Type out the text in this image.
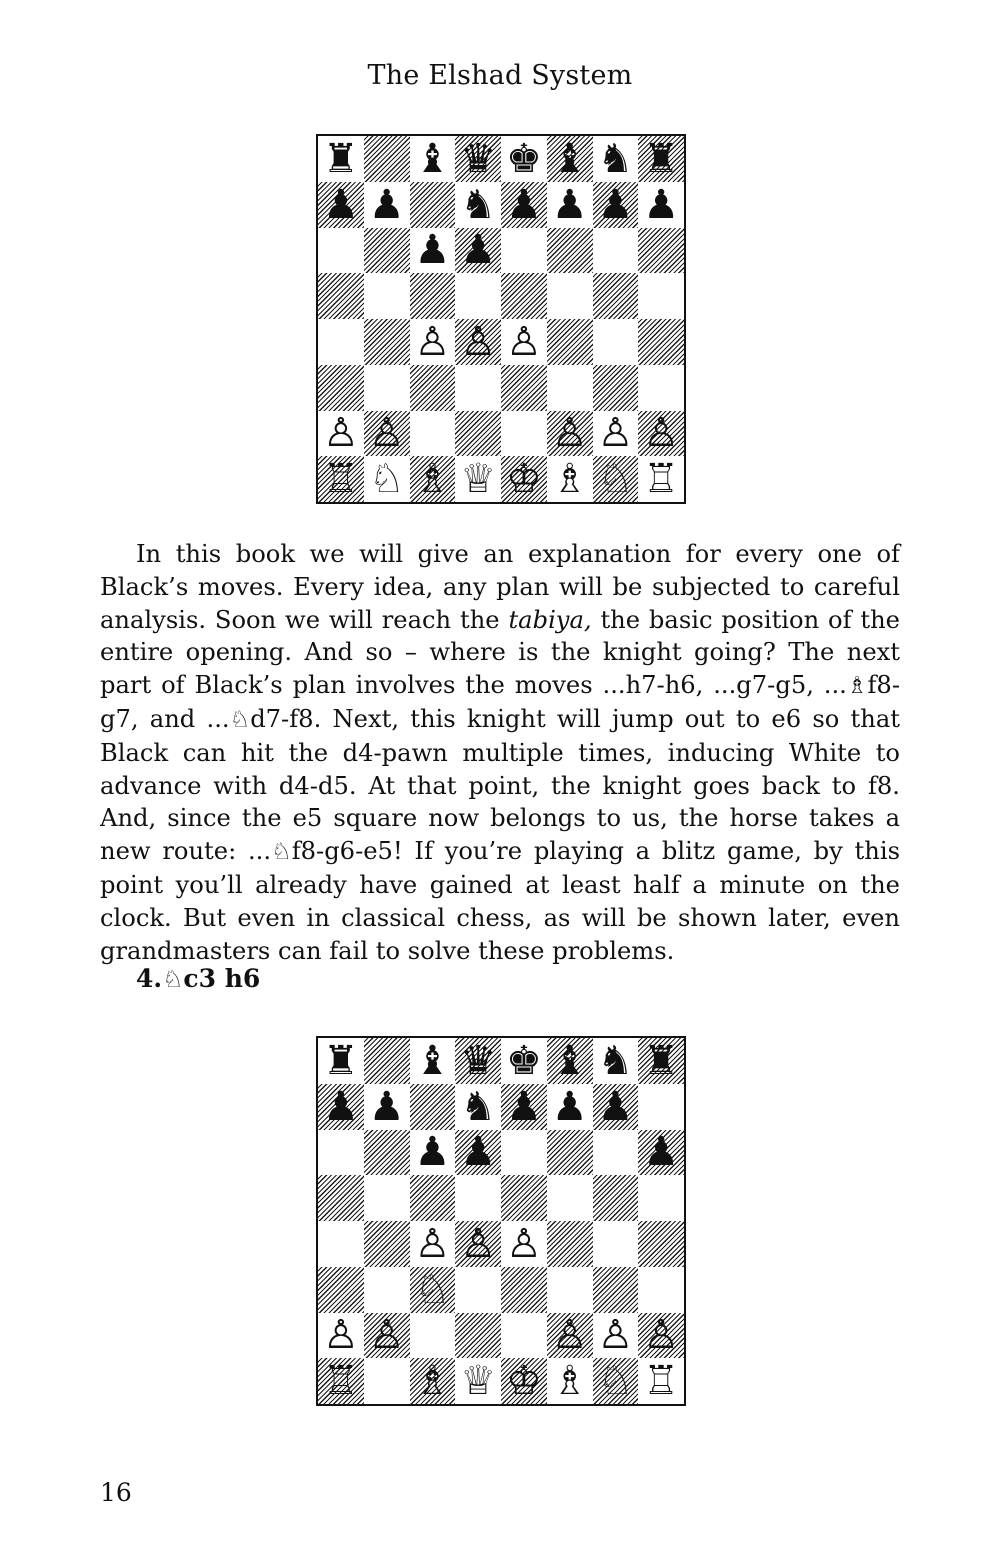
The Elshad System
♜ ♝ ♛ ♚ ♝ ♞ ♜
♟ ♟ ♞ ♟ ♟ ♟ ♟
♟ ♟
♙ ♙ ♙
♙ ♙	♙ ♙ ♙
♖ ♘ ♗ ♕ ♔ ♗ ♘ ♖

In this book we will give an explanation for every one of Black’s moves. Every idea, any plan will be subjected to careful analysis. Soon we will reach the tabiya, the basic position of the entire opening. And so – where is the knight going? The next part of Black’s plan involves the moves ...h7-h6, ...g7-g5, ...♗f8-g7, and ...♘d7-f8. Next, this knight will jump out to e6 so that Black can hit the d4-pawn multiple times, inducing White to advance with d4-d5. At that point, the knight goes back to f8. And, since the e5 square now belongs to us, the horse takes a new route: ...♘f8-g6-e5! If you’re playing a blitz game, by this point you’ll already have gained at least half a minute on the clock. But even in classical chess, as will be shown later, even grandmasters can fail to solve these problems.

4.♘c3 h6
♜ ♝ ♛ ♚ ♝ ♞ ♜
♟ ♟ ♞ ♟ ♟ ♟
♟ ♟	♟
♙ ♙ ♙
♘
♙ ♙	♙ ♙ ♙
♖ ♗ ♕ ♔ ♗ ♘ ♖
16
